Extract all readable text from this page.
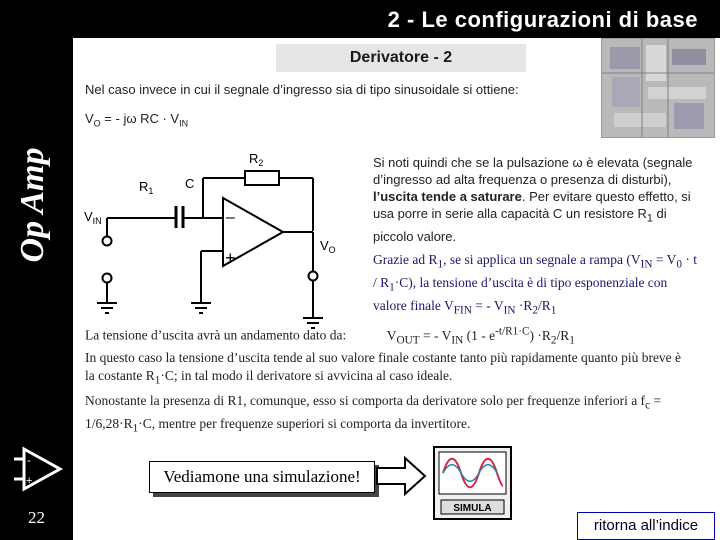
Op Amp
-
+
22
2 - Le configurazioni di base
Derivatore - 2
Nel caso invece in cui il segnale d’ingresso sia di tipo sinusoidale si ottiene:
$V_O$ = - jω RC · $V_{IN}$
–
+
$R_2$
$R_1$ C
$V_{IN}$
$V_O$
Si noti quindi che se la pulsazione ω è elevata (segnale d’ingresso ad alta frequenza o presenza di disturbi), l’uscita tende a saturare. Per evitare questo effetto, si usa porre in serie alla capacità C un resistore $R_1$ di piccolo valore.
Grazie ad $R_1$, se si applica un segnale a rampa $(V_{IN} = V_0 \cdot t / R_1\cdot C)$, la tensione d’uscita è di tipo esponenziale con valore finale $V_{FIN}$ = - $V_{IN} \cdot R_2/R_1$
La tensione d’uscita avrà un andamento dato da:	$V_{OUT}$ = - $V_{IN}$ $(1 - e^{-t/R1\cdot C}) \cdot R_2/R_1$
In questo caso la tensione d’uscita tende al suo valore finale costante tanto più rapidamente quanto più breve è la costante $R_1\cdot C$; in tal modo il derivatore si avvicina al caso ideale.
Nonostante la presenza di R1, comunque, esso si comporta da derivatore solo per frequenze inferiori a $f_c = 1/6,28\cdot R_1\cdot C$, mentre per frequenze superiori si comporta da invertitore.
Vediamone una simulazione!
SIMULA
ritorna all’indice
